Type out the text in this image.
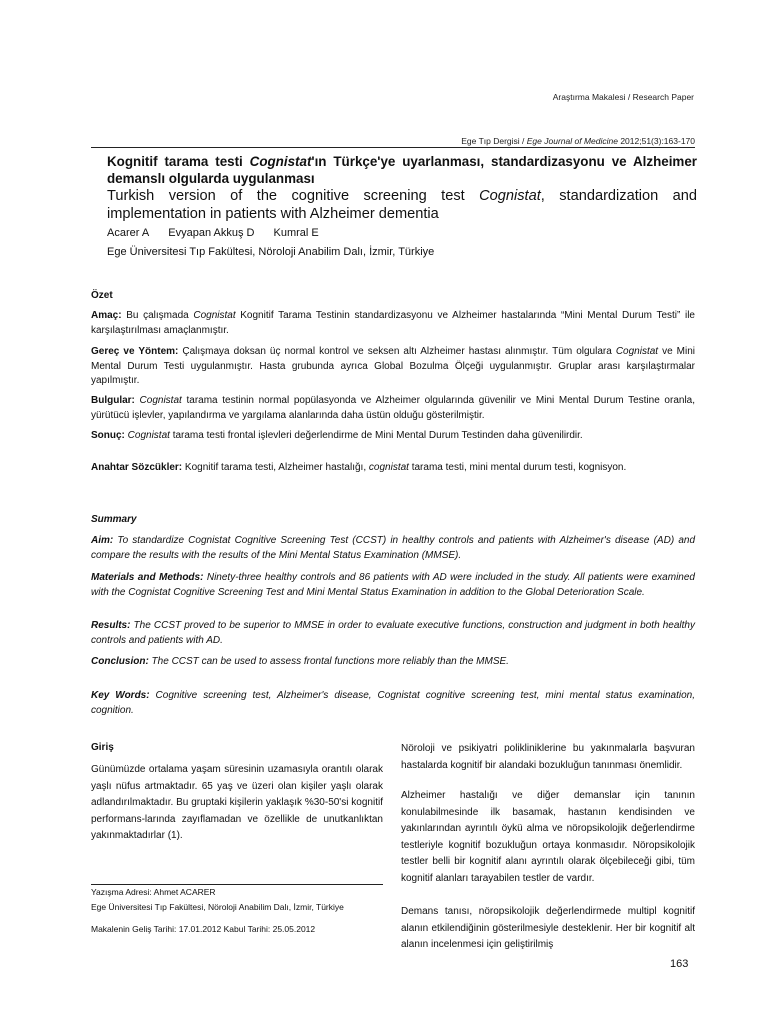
Araştırma Makalesi / Research Paper
Ege Tıp Dergisi / Ege Journal of Medicine 2012;51(3):163-170
Kognitif tarama testi Cognistat'ın Türkçe'ye uyarlanması, standardizasyonu ve Alzheimer demanslı olgularda uygulanması
Turkish version of the cognitive screening test Cognistat, standardization and implementation in patients with Alzheimer dementia
Acarer A Evyapan Akkuş D Kumral E
Ege Üniversitesi Tıp Fakültesi, Nöroloji Anabilim Dalı, İzmir, Türkiye
Özet
Amaç: Bu çalışmada Cognistat Kognitif Tarama Testinin standardizasyonu ve Alzheimer hastalarında “Mini Mental Durum Testi” ile karşılaştırılması amaçlanmıştır.
Gereç ve Yöntem: Çalışmaya doksan üç normal kontrol ve seksen altı Alzheimer hastası alınmıştır. Tüm olgulara Cognistat ve Mini Mental Durum Testi uygulanmıştır. Hasta grubunda ayrıca Global Bozulma Ölçeği uygulanmıştır. Gruplar arası karşılaştırmalar yapılmıştır.
Bulgular: Cognistat tarama testinin normal popülasyonda ve Alzheimer olgularında güvenilir ve Mini Mental Durum Testine oranla, yürütücü işlevler, yapılandırma ve yargılama alanlarında daha üstün olduğu gösterilmiştir.
Sonuç: Cognistat tarama testi frontal işlevleri değerlendirme de Mini Mental Durum Testinden daha güvenilirdir.
Anahtar Sözcükler: Kognitif tarama testi, Alzheimer hastalığı, cognistat tarama testi, mini mental durum testi, kognisyon.
Summary
Aim: To standardize Cognistat Cognitive Screening Test (CCST) in healthy controls and patients with Alzheimer's disease (AD) and compare the results with the results of the Mini Mental Status Examination (MMSE).
Materials and Methods: Ninety-three healthy controls and 86 patients with AD were included in the study. All patients were examined with the Cognistat Cognitive Screening Test and Mini Mental Status Examination in addition to the Global Deterioration Scale.
Results: The CCST proved to be superior to MMSE in order to evaluate executive functions, construction and judgment in both healthy controls and patients with AD.
Conclusion: The CCST can be used to assess frontal functions more reliably than the MMSE.
Key Words: Cognitive screening test, Alzheimer's disease, Cognistat cognitive screening test, mini mental status examination, cognition.
Giriş
Günümüzde ortalama yaşam süresinin uzamasıyla orantılı olarak yaşlı nüfus artmaktadır. 65 yaş ve üzeri olan kişiler yaşlı olarak adlandırılmaktadır. Bu gruptaki kişilerin yaklaşık %30-50'si kognitif performans-larında zayıflamadan ve özellikle de unutkanlıktan yakınmaktadırlar (1).
Nöroloji ve psikiyatri polikliniklerine bu yakınmalarla başvuran hastalarda kognitif bir alandaki bozukluğun tanınması önemlidir.
Alzheimer hastalığı ve diğer demanslar için tanının konulabilmesinde ilk basamak, hastanın kendisinden ve yakınlarından ayrıntılı öykü alma ve nöropsikolojik değerlendirme testleriyle kognitif bozukluğun ortaya konmasıdır. Nöropsikolojik testler belli bir kognitif alanı ayrıntılı olarak ölçebileceği gibi, tüm kognitif alanları tarayabilen testler de vardır.
Demans tanısı, nöropsikolojik değerlendirmede multipl kognitif alanın etkilendiğinin gösterilmesiyle desteklenir. Her bir kognitif alt alanın incelenmesi için geliştirilmiş
Yazışma Adresi: Ahmet ACARER
Ege Üniversitesi Tıp Fakültesi, Nöroloji Anabilim Dalı, İzmir, Türkiye
Makalenin Geliş Tarihi: 17.01.2012 Kabul Tarihi: 25.05.2012
163
